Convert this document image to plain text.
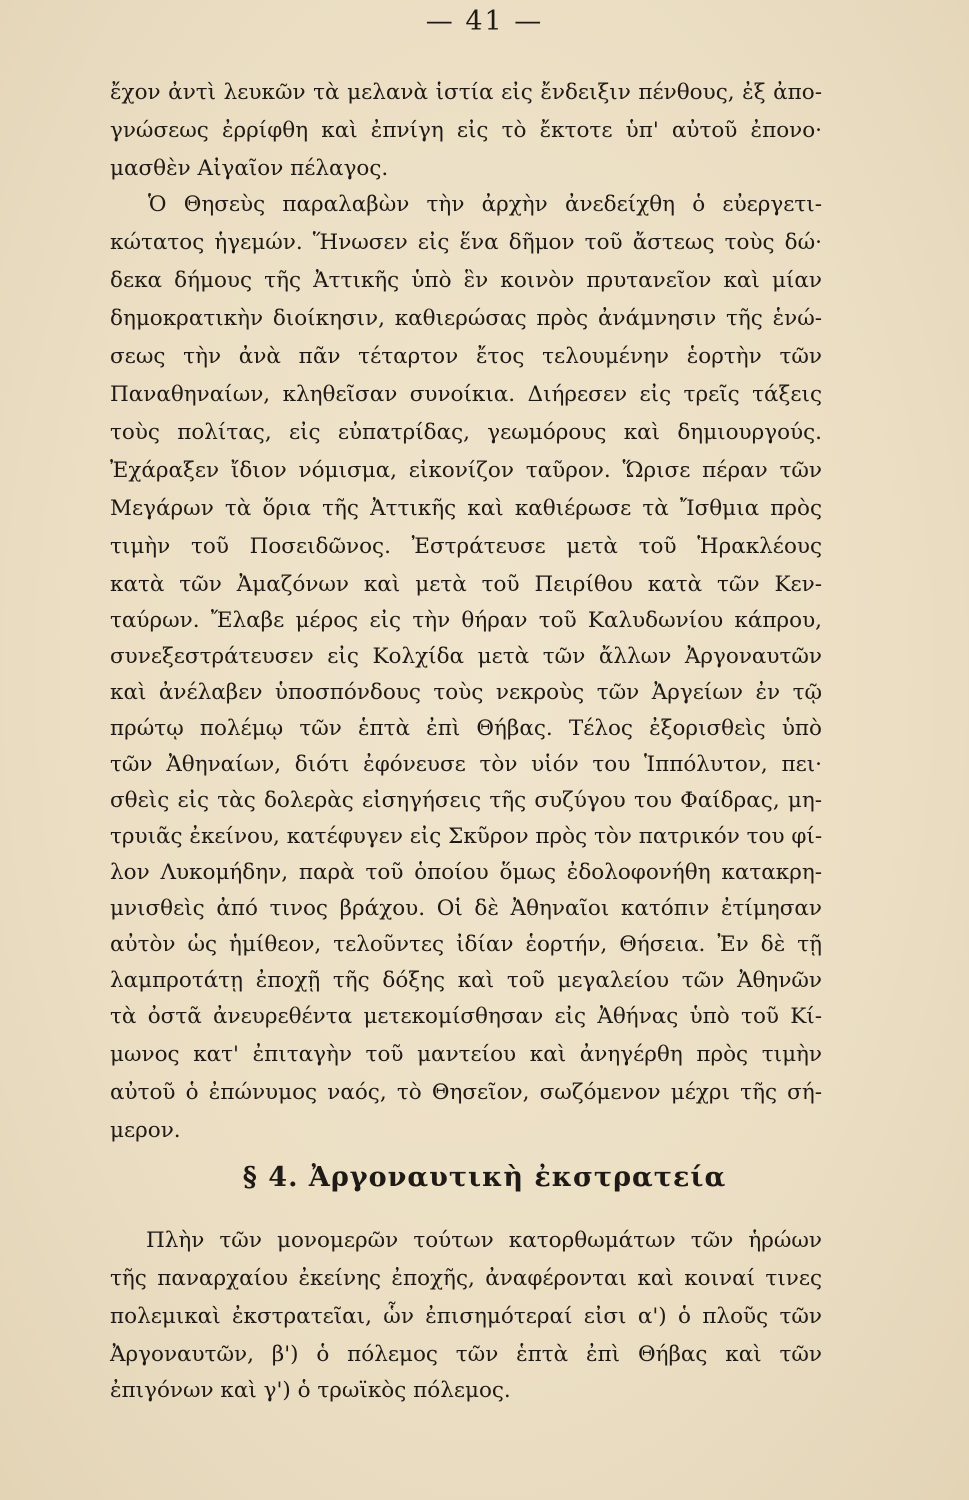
— 41 —
ἔχον ἀντὶ λευκῶν τὰ μελανὰ ἱστία εἰς ἔνδειξιν πένθους, ἐξ ἀπο-
γνώσεως ἐρρίφθη καὶ ἐπνίγη εἰς τὸ ἔκτοτε ὑπ' αὐτοῦ ἐπονο·
μασθὲν Αἰγαῖον πέλαγος.
Ὁ Θησεὺς παραλαβὼν τὴν ἀρχὴν ἀνεδείχθη ὁ εὐεργετι-
κώτατος ἡγεμών. Ἥνωσεν εἰς ἕνα δῆμον τοῦ ἄστεως τοὺς δώ·
δεκα δήμους τῆς Ἀττικῆς ὑπὸ ἓν κοινὸν πρυτανεῖον καὶ μίαν
δημοκρατικὴν διοίκησιν, καθιερώσας πρὸς ἀνάμνησιν τῆς ἑνώ-
σεως τὴν ἀνὰ πᾶν τέταρτον ἔτος τελουμένην ἑορτὴν τῶν
Παναθηναίων, κληθεῖσαν συνοίκια. Διήρεσεν εἰς τρεῖς τάξεις
τοὺς πολίτας, εἰς εὐπατρίδας, γεωμόρους καὶ δημιουργούς.
Ἐχάραξεν ἴδιον νόμισμα, εἰκονίζον ταῦρον. Ὥρισε πέραν τῶν
Μεγάρων τὰ ὅρια τῆς Ἀττικῆς καὶ καθιέρωσε τὰ Ἴσθμια πρὸς
τιμὴν τοῦ Ποσειδῶνος. Ἐστράτευσε μετὰ τοῦ Ἡρακλέους
κατὰ τῶν Ἀμαζόνων καὶ μετὰ τοῦ Πειρίθου κατὰ τῶν Κεν-
ταύρων. Ἔλαβε μέρος εἰς τὴν θήραν τοῦ Καλυδωνίου κάπρου,
συνεξεστράτευσεν εἰς Κολχίδα μετὰ τῶν ἄλλων Ἀργοναυτῶν
καὶ ἀνέλαβεν ὑποσπόνδους τοὺς νεκροὺς τῶν Ἀργείων ἐν τῷ
πρώτῳ πολέμῳ τῶν ἑπτὰ ἐπὶ Θήβας. Τέλος ἐξορισθεὶς ὑπὸ
τῶν Ἀθηναίων, διότι ἐφόνευσε τὸν υἱόν του Ἱππόλυτον, πει·
σθεὶς εἰς τὰς δολερὰς εἰσηγήσεις τῆς συζύγου του Φαίδρας, μη-
τρυιᾶς ἐκείνου, κατέφυγεν εἰς Σκῦρον πρὸς τὸν πατρικόν του φί-
λον Λυκομήδην, παρὰ τοῦ ὁποίου ὅμως ἐδολοφονήθη κατακρη-
μνισθεὶς ἀπό τινος βράχου. Οἱ δὲ Ἀθηναῖοι κατόπιν ἐτίμησαν
αὐτὸν ὡς ἡμίθεον, τελοῦντες ἰδίαν ἑορτήν, Θήσεια. Ἐν δὲ τῇ
λαμπροτάτῃ ἐποχῇ τῆς δόξης καὶ τοῦ μεγαλείου τῶν Ἀθηνῶν
τὰ ὀστᾶ ἀνευρεθέντα μετεκομίσθησαν εἰς Ἀθήνας ὑπὸ τοῦ Κί-
μωνος κατ' ἐπιταγὴν τοῦ μαντείου καὶ ἀνηγέρθη πρὸς τιμὴν
αὐτοῦ ὁ ἐπώνυμος ναός, τὸ Θησεῖον, σωζόμενον μέχρι τῆς σή-
μερον.
§ 4. Ἀργοναυτικὴ ἐκστρατεία
Πλὴν τῶν μονομερῶν τούτων κατορθωμάτων τῶν ἡρώων
τῆς παναρχαίου ἐκείνης ἐποχῆς, ἀναφέρονται καὶ κοιναί τινες
πολεμικαὶ ἐκστρατεῖαι, ὧν ἐπισημότεραί εἰσι α') ὁ πλοῦς τῶν
Ἀργοναυτῶν, β') ὁ πόλεμος τῶν ἑπτὰ ἐπὶ Θήβας καὶ τῶν
ἐπιγόνων καὶ γ') ὁ τρωϊκὸς πόλεμος.
